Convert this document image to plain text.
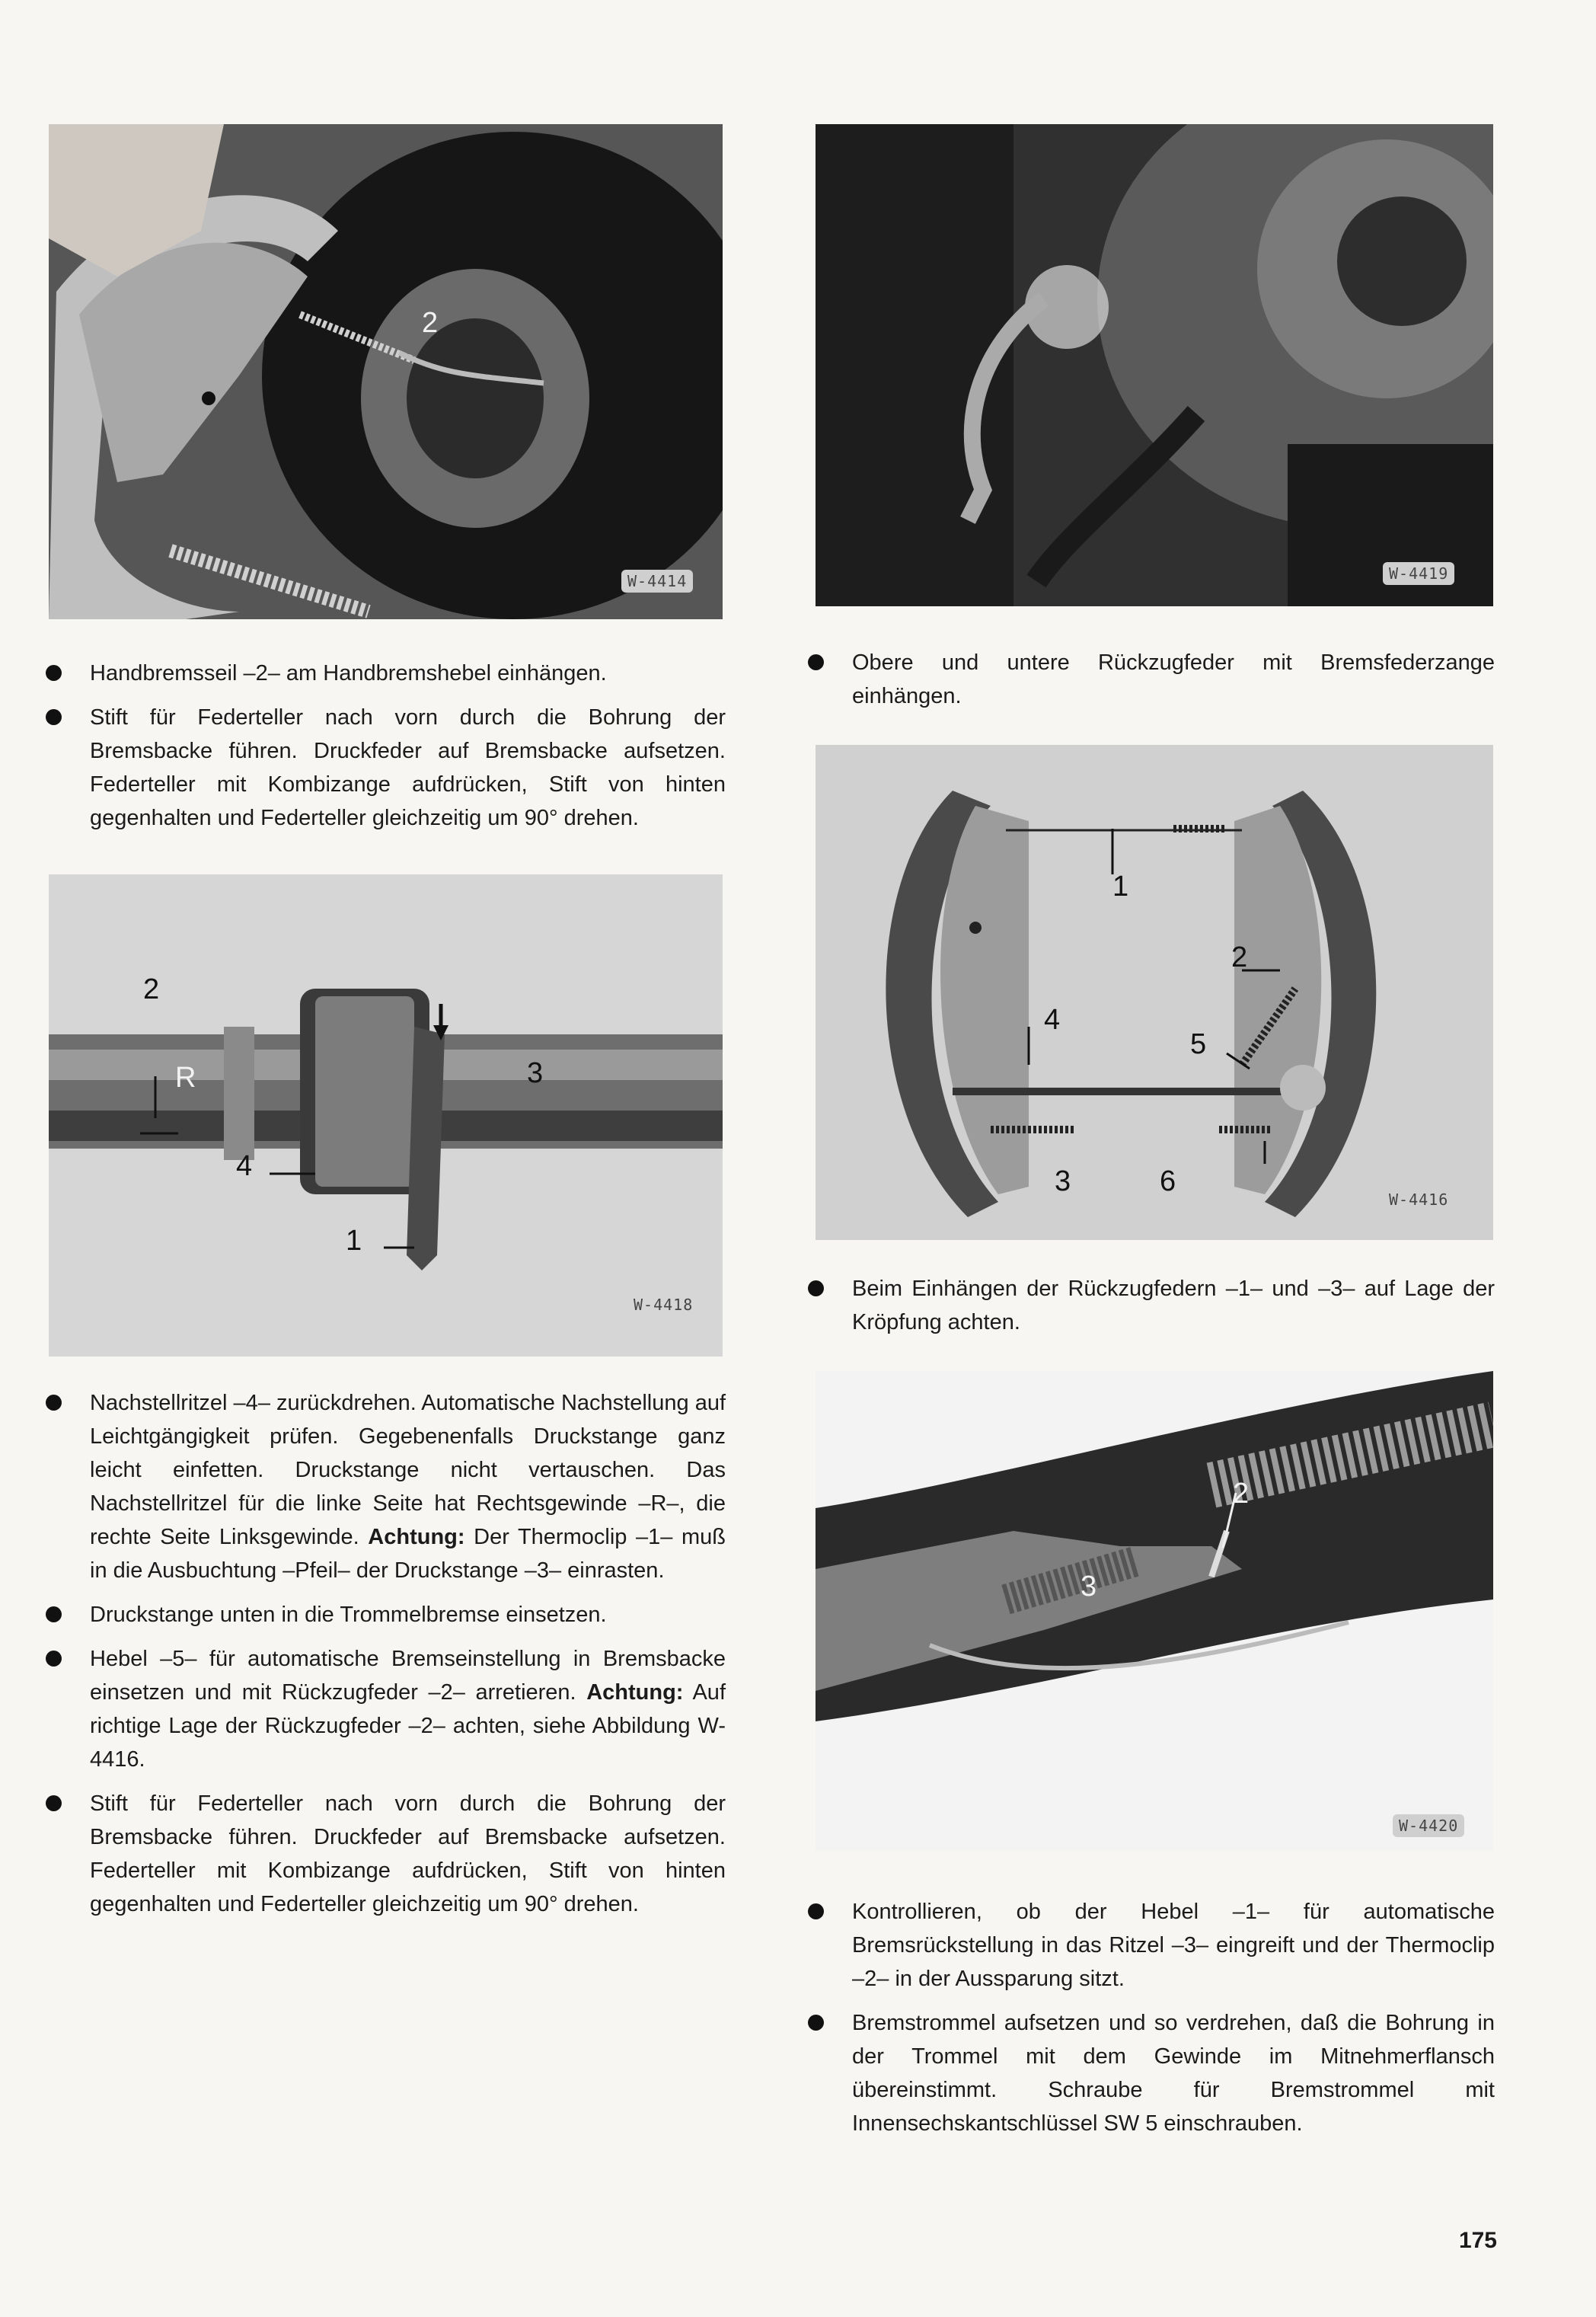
2
W-4414	W-4419
Handbremsseil –2– am Handbremshebel einhängen.
Stift für Federteller nach vorn durch die Bohrung der Bremsbacke führen. Druckfeder auf Bremsbacke aufsetzen. Federteller mit Kombizange aufdrücken, Stift von hinten gegenhalten und Federteller gleichzeitig um 90° drehen.
Obere und untere Rückzugfeder mit Bremsfederzange einhängen.
2
R	3
4
1
W-4418
1
2
4
5
3	6
W-4416
Beim Einhängen der Rückzugfedern –1– und –3– auf Lage der Kröpfung achten.
Nachstellritzel –4– zurückdrehen. Automatische Nachstellung auf Leichtgängigkeit prüfen. Gegebenenfalls Druckstange ganz leicht einfetten. Druckstange nicht vertauschen. Das Nachstellritzel für die linke Seite hat Rechtsgewinde –R–, die rechte Seite Linksgewinde. Achtung: Der Thermoclip –1– muß in die Ausbuchtung –Pfeil– der Druckstange –3– einrasten.
Druckstange unten in die Trommelbremse einsetzen.
Hebel –5– für automatische Bremseinstellung in Bremsbacke einsetzen und mit Rückzugfeder –2– arretieren. Achtung: Auf richtige Lage der Rückzugfeder –2– achten, siehe Abbildung W-4416.
Stift für Federteller nach vorn durch die Bohrung der Bremsbacke führen. Druckfeder auf Bremsbacke aufsetzen. Federteller mit Kombizange aufdrücken, Stift von hinten gegenhalten und Federteller gleichzeitig um 90° drehen.
2
3
W-4420
Kontrollieren, ob der Hebel –1– für automatische Bremsrückstellung in das Ritzel –3– eingreift und der Thermoclip –2– in der Aussparung sitzt.
Bremstrommel aufsetzen und so verdrehen, daß die Bohrung in der Trommel mit dem Gewinde im Mitnehmerflansch übereinstimmt. Schraube für Bremstrommel mit Innensechskantschlüssel SW 5 einschrauben.
175
